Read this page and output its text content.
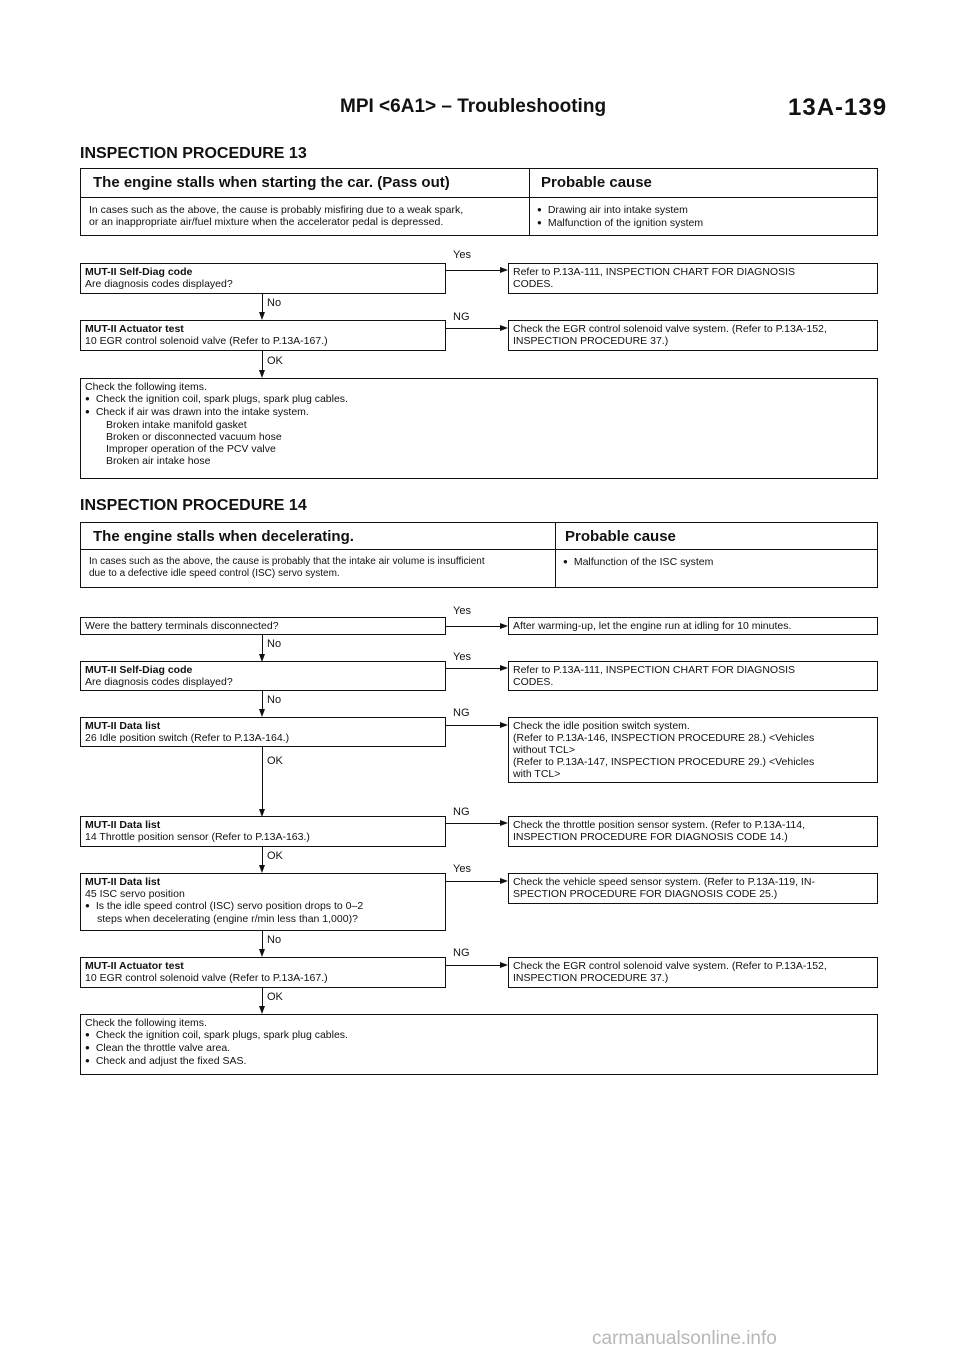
MPI <6A1> – Troubleshooting	13A-139
INSPECTION PROCEDURE 13
The engine stalls when starting the car. (Pass out)	Probable cause
In cases such as the above, the cause is probably misfiring due to a weak spark,
or an inappropriate air/fuel mixture when the accelerator pedal is depressed.
● Drawing air into intake system
● Malfunction of the ignition system
MUT-II Self-Diag code
Are diagnosis codes displayed?
Yes
Refer to P.13A-111, INSPECTION CHART FOR DIAGNOSIS
CODES.
No
MUT-II Actuator test
10 EGR control solenoid valve (Refer to P.13A-167.)
NG
Check the EGR control solenoid valve system. (Refer to P.13A-152,
INSPECTION PROCEDURE 37.)
OK
Check the following items.
● Check the ignition coil, spark plugs, spark plug cables.
● Check if air was drawn into the intake system.
Broken intake manifold gasket
Broken or disconnected vacuum hose
Improper operation of the PCV valve
Broken air intake hose
INSPECTION PROCEDURE 14
The engine stalls when decelerating.	Probable cause
In cases such as the above, the cause is probably that the intake air volume is insufficient
due to a defective idle speed control (ISC) servo system.
● Malfunction of the ISC system
Were the battery terminals disconnected?
Yes
After warming-up, let the engine run at idling for 10 minutes.
No
MUT-II Self-Diag code
Are diagnosis codes displayed?
Yes
Refer to P.13A-111, INSPECTION CHART FOR DIAGNOSIS
CODES.
No
MUT-II Data list
26 Idle position switch (Refer to P.13A-164.)
NG
Check the idle position switch system.
(Refer to P.13A-146, INSPECTION PROCEDURE 28.) <Vehicles
without TCL>
(Refer to P.13A-147, INSPECTION PROCEDURE 29.) <Vehicles
with TCL>
OK
MUT-II Data list
14 Throttle position sensor (Refer to P.13A-163.)
NG
Check the throttle position sensor system. (Refer to P.13A-114,
INSPECTION PROCEDURE FOR DIAGNOSIS CODE 14.)
OK
MUT-II Data list
45 ISC servo position
● Is the idle speed control (ISC) servo position drops to 0–2
steps when decelerating (engine r/min less than 1,000)?
Yes
Check the vehicle speed sensor system. (Refer to P.13A-119, IN-
SPECTION PROCEDURE FOR DIAGNOSIS CODE 25.)
No
MUT-II Actuator test
10 EGR control solenoid valve (Refer to P.13A-167.)
NG
Check the EGR control solenoid valve system. (Refer to P.13A-152,
INSPECTION PROCEDURE 37.)
OK
Check the following items.
● Check the ignition coil, spark plugs, spark plug cables.
● Clean the throttle valve area.
● Check and adjust the fixed SAS.
carmanualsonline.info
